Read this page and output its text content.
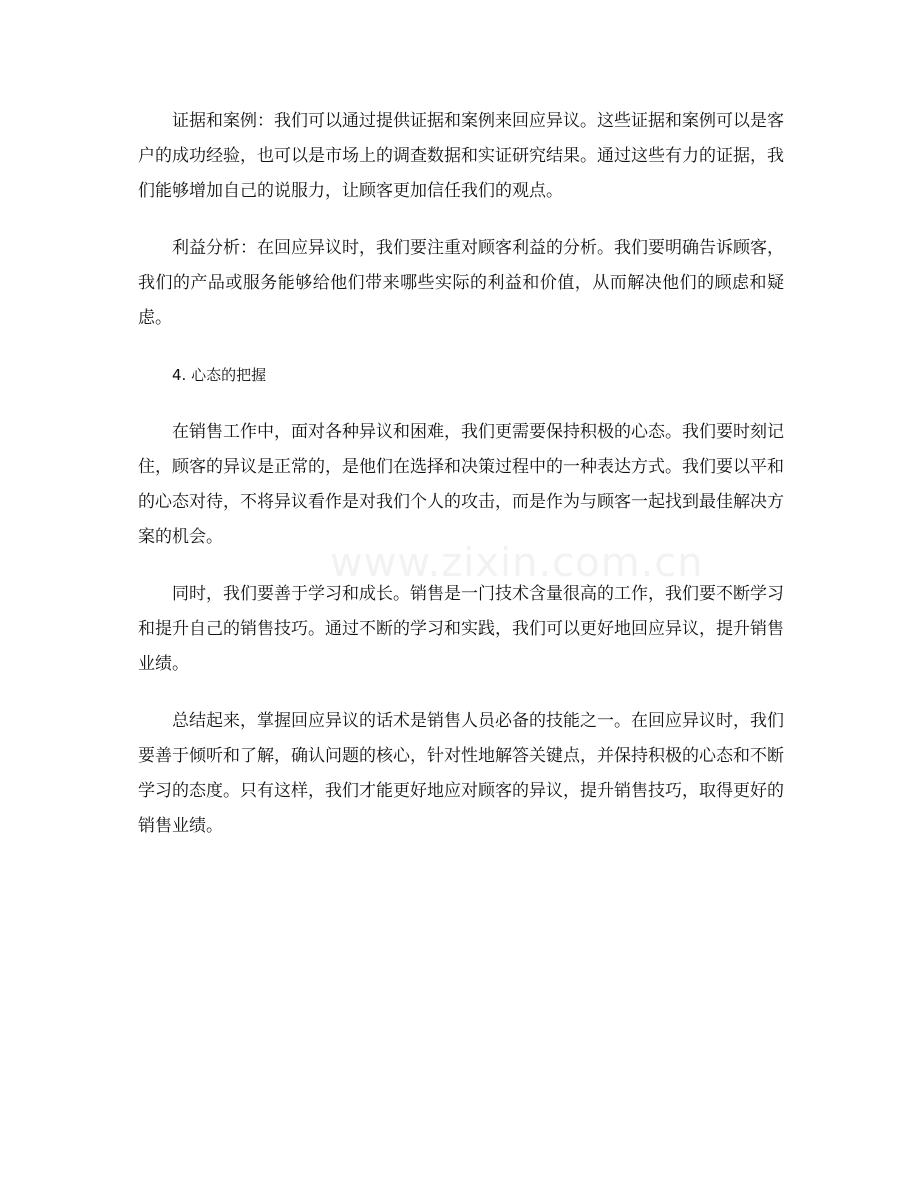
证据和案例：我们可以通过提供证据和案例来回应异议。这些证据和案例可以是客户的成功经验，也可以是市场上的调查数据和实证研究结果。通过这些有力的证据，我们能够增加自己的说服力，让顾客更加信任我们的观点。

利益分析：在回应异议时，我们要注重对顾客利益的分析。我们要明确告诉顾客，我们的产品或服务能够给他们带来哪些实际的利益和价值，从而解决他们的顾虑和疑虑。

4. 心态的把握

在销售工作中，面对各种异议和困难，我们更需要保持积极的心态。我们要时刻记住，顾客的异议是正常的，是他们在选择和决策过程中的一种表达方式。我们要以平和的心态对待，不将异议看作是对我们个人的攻击，而是作为与顾客一起找到最佳解决方案的机会。

同时，我们要善于学习和成长。销售是一门技术含量很高的工作，我们要不断学习和提升自己的销售技巧。通过不断的学习和实践，我们可以更好地回应异议，提升销售业绩。

总结起来，掌握回应异议的话术是销售人员必备的技能之一。在回应异议时，我们要善于倾听和了解，确认问题的核心，针对性地解答关键点，并保持积极的心态和不断学习的态度。只有这样，我们才能更好地应对顾客的异议，提升销售技巧，取得更好的销售业绩。

www.zixin.com.cn
